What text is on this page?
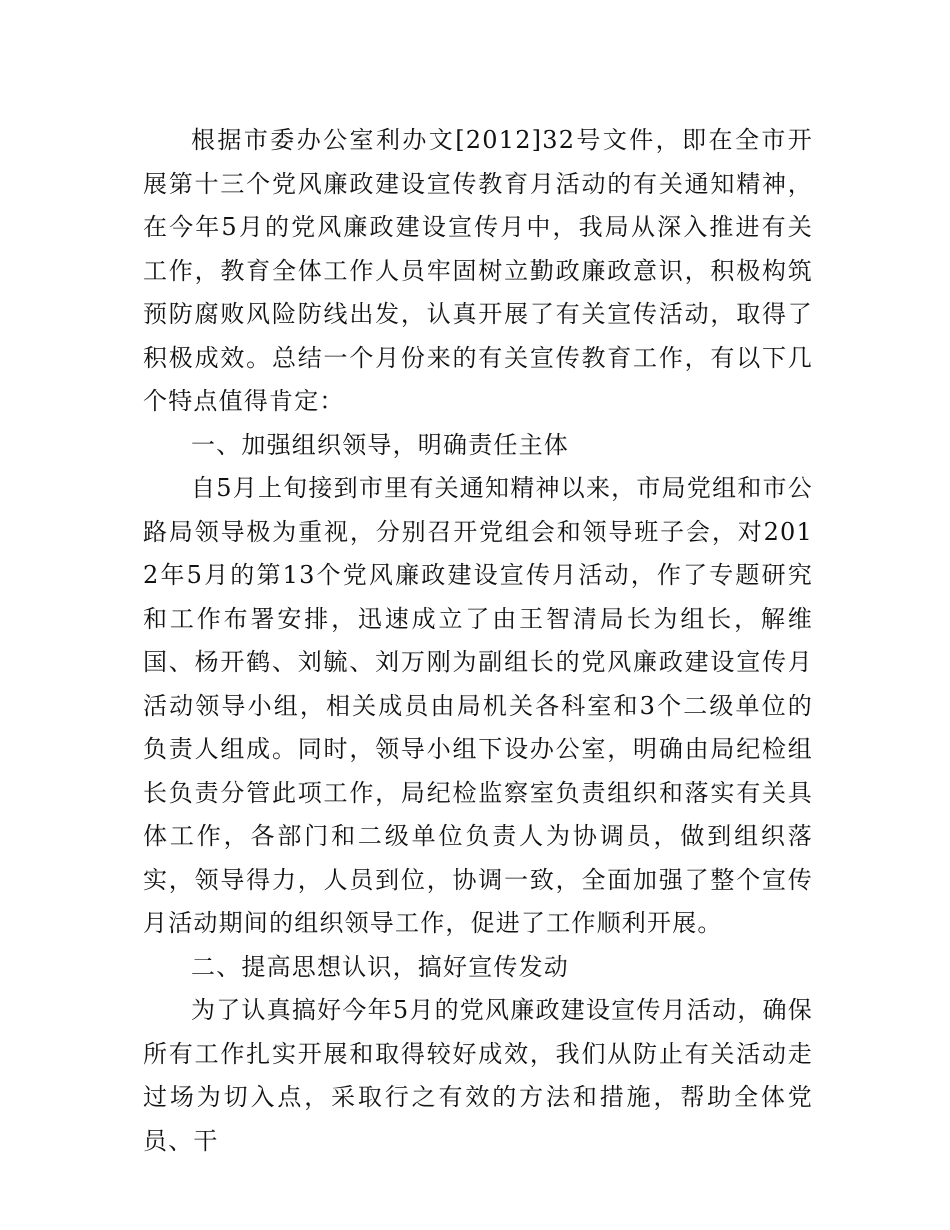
根据市委办公室利办文[2012]32号文件，即在全市开展第十三个党风廉政建设宣传教育月活动的有关通知精神，在今年5月的党风廉政建设宣传月中，我局从深入推进有关工作，教育全体工作人员牢固树立勤政廉政意识，积极构筑预防腐败风险防线出发，认真开展了有关宣传活动，取得了积极成效。总结一个月份来的有关宣传教育工作，有以下几个特点值得肯定：

一、加强组织领导，明确责任主体

自5月上旬接到市里有关通知精神以来，市局党组和市公路局领导极为重视，分别召开党组会和领导班子会，对2012年5月的第13个党风廉政建设宣传月活动，作了专题研究和工作布署安排，迅速成立了由王智清局长为组长，解维国、杨开鹤、刘毓、刘万刚为副组长的党风廉政建设宣传月活动领导小组，相关成员由局机关各科室和3个二级单位的负责人组成。同时，领导小组下设办公室，明确由局纪检组长负责分管此项工作，局纪检监察室负责组织和落实有关具体工作，各部门和二级单位负责人为协调员，做到组织落实，领导得力，人员到位，协调一致，全面加强了整个宣传月活动期间的组织领导工作，促进了工作顺利开展。

二、提高思想认识，搞好宣传发动

为了认真搞好今年5月的党风廉政建设宣传月活动，确保所有工作扎实开展和取得较好成效，我们从防止有关活动走过场为切入点，采取行之有效的方法和措施，帮助全体党员、干
